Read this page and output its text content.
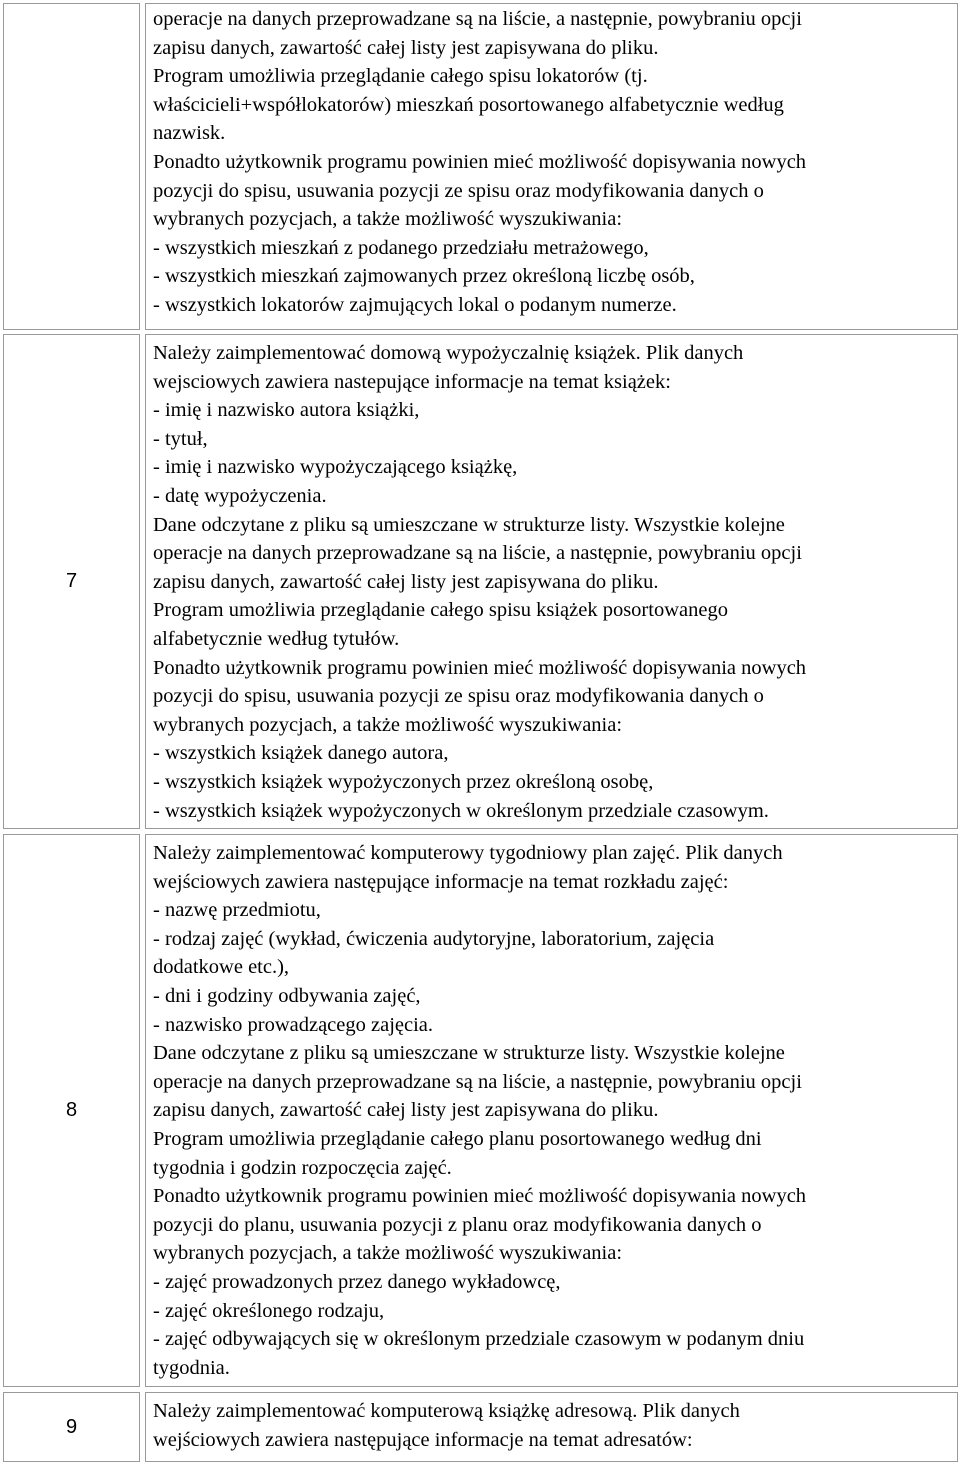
operacje na danych przeprowadzane są na liście, a następnie, powybraniu opcji
zapisu danych, zawartość całej listy jest zapisywana do pliku.
Program umożliwia przeglądanie całego spisu lokatorów (tj.
właścicieli+współlokatorów) mieszkań posortowanego alfabetycznie według
nazwisk.
Ponadto użytkownik programu powinien mieć możliwość dopisywania nowych
pozycji do spisu, usuwania pozycji ze spisu oraz modyfikowania danych o
wybranych pozycjach, a także możliwość wyszukiwania:
- wszystkich mieszkań z podanego przedziału metrażowego,
- wszystkich mieszkań zajmowanych przez określoną liczbę osób,
- wszystkich lokatorów zajmujących lokal o podanym numerze.
7
Należy zaimplementować domową wypożyczalnię książek. Plik danych
wejsciowych zawiera nastepujące informacje na temat książek:
- imię i nazwisko autora książki,
- tytuł,
- imię i nazwisko wypożyczającego książkę,
- datę wypożyczenia.
Dane odczytane z pliku są umieszczane w strukturze listy. Wszystkie kolejne
operacje na danych przeprowadzane są na liście, a następnie, powybraniu opcji
zapisu danych, zawartość całej listy jest zapisywana do pliku.
Program umożliwia przeglądanie całego spisu książek posortowanego
alfabetycznie według tytułów.
Ponadto użytkownik programu powinien mieć możliwość dopisywania nowych
pozycji do spisu, usuwania pozycji ze spisu oraz modyfikowania danych o
wybranych pozycjach, a także możliwość wyszukiwania:
- wszystkich książek danego autora,
- wszystkich książek wypożyczonych przez określoną osobę,
- wszystkich książek wypożyczonych w określonym przedziale czasowym.
8
Należy zaimplementować komputerowy tygodniowy plan zajęć. Plik danych
wejściowych zawiera następujące informacje na temat rozkładu zajęć:
- nazwę przedmiotu,
- rodzaj zajęć (wykład, ćwiczenia audytoryjne, laboratorium, zajęcia
dodatkowe etc.),
- dni i godziny odbywania zajęć,
- nazwisko prowadzącego zajęcia.
Dane odczytane z pliku są umieszczane w strukturze listy. Wszystkie kolejne
operacje na danych przeprowadzane są na liście, a następnie, powybraniu opcji
zapisu danych, zawartość całej listy jest zapisywana do pliku.
Program umożliwia przeglądanie całego planu posortowanego według dni
tygodnia i godzin rozpoczęcia zajęć.
Ponadto użytkownik programu powinien mieć możliwość dopisywania nowych
pozycji do planu, usuwania pozycji z planu oraz modyfikowania danych o
wybranych pozycjach, a także możliwość wyszukiwania:
- zajęć prowadzonych przez danego wykładowcę,
- zajęć określonego rodzaju,
- zajęć odbywających się w określonym przedziale czasowym w podanym dniu
tygodnia.
9
Należy zaimplementować komputerową książkę adresową. Plik danych
wejściowych zawiera następujące informacje na temat adresatów:
